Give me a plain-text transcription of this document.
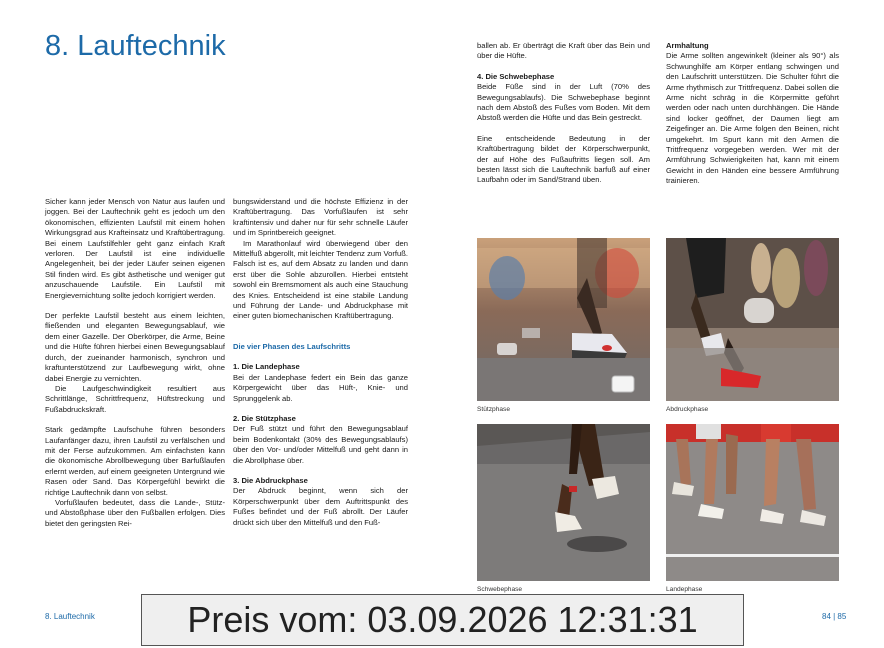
8. Lauftechnik

Sicher kann jeder Mensch von Natur aus laufen und joggen. Bei der Lauftechnik geht es jedoch um den ökonomischen, effizienten Laufstil mit einem hohen Wirkungsgrad aus Krafteinsatz und Kraftübertragung. Bei einem Laufstilfehler geht ganz einfach Kraft verloren. Der Laufstil ist eine individuelle Angelegenheit, bei der jeder Läufer seinen eigenen Stil finden wird. Es gibt ästhetische und weniger gut anzuschauende Laufstile. Ein Laufstil mit Energievernichtung sollte jedoch korrigiert werden.

Der perfekte Laufstil besteht aus einem leichten, fließenden und eleganten Bewegungsablauf, wie dem einer Gazelle. Der Oberkörper, die Arme, Beine und die Hüfte führen hierbei einen Bewegungsablauf durch, der zueinander harmonisch, synchron und kraftunterstützend zur Laufbewegung wirkt, ohne dabei Energie zu vernichten.

Die Laufgeschwindigkeit resultiert aus Schrittlänge, Schrittfrequenz, Hüftstreckung und Fußabdruckskraft.

Stark gedämpfte Laufschuhe führen besonders Laufanfänger dazu, ihren Laufstil zu verfälschen und mit der Ferse aufzukommen. Am einfachsten kann die ökonomische Abrollbewegung über Barfußlaufen erlernt werden, auf einem geeigneten Untergrund wie Rasen oder Sand. Das Körpergefühl bewirkt die richtige Lauftechnik dann von selbst.

Vorfußlaufen bedeutet, dass die Lande-, Stütz- und Abstoßphase über den Fußballen erfolgen. Dies bietet den geringsten Rei-

bungswiderstand und die höchste Effizienz in der Kraftübertragung. Das Vorfußlaufen ist sehr kraftintensiv und daher nur für sehr schnelle Läufer und im Sprintbereich geeignet.

Im Marathonlauf wird überwiegend über den Mittelfuß abgerollt, mit leichter Tendenz zum Vorfuß. Falsch ist es, auf dem Absatz zu landen und dann erst über die Sohle abzurollen. Hierbei entsteht sowohl ein Bremsmoment als auch eine Stauchung des Knies. Entscheidend ist eine stabile Landung und Führung der Lande- und Abdruckphase mit einer guten biomechanischen Kraftübertragung.

Die vier Phasen des Laufschritts
1. Die Landephase

Bei der Landephase federt ein Bein das ganze Körpergewicht über das Hüft-, Knie- und Sprunggelenk ab.

2. Die Stützphase

Der Fuß stützt und führt den Bewegungsablauf beim Bodenkontakt (30% des Bewegungsablaufs) über den Vor- und/oder Mittelfuß und geht dann in die Abrollphase über.

3. Die Abdruckphase

Der Abdruck beginnt, wenn sich der Körperschwerpunkt über dem Auftrittspunkt des Fußes befindet und der Fuß abrollt. Der Läufer drückt sich über den Mittelfuß und den Fuß-

ballen ab. Er überträgt die Kraft über das Bein und über die Hüfte.

4. Die Schwebephase

Beide Füße sind in der Luft (70% des Bewegungsablaufs). Die Schwebephase beginnt nach dem Abstoß des Fußes vom Boden. Mit dem Abstoß werden die Hüfte und das Bein gestreckt.

Eine entscheidende Bedeutung in der Kraftübertragung bildet der Körperschwerpunkt, der auf Höhe des Fußauftritts liegen soll. Am besten lässt sich die Lauftechnik barfuß auf einer Laufbahn oder im Sand/Strand üben.

Armhaltung

Die Arme sollten angewinkelt (kleiner als 90°) als Schwunghilfe am Körper entlang schwingen und den Laufschritt unterstützen. Die Schulter führt die Arme rhythmisch zur Trittfrequenz. Dabei sollen die Arme nicht schräg in die Körpermitte geführt werden oder nach unten durchhängen. Die Hände sind locker geöffnet, der Daumen liegt am Zeigefinger an. Die Arme folgen den Beinen, nicht umgekehrt. Im Spurt kann mit den Armen die Trittfrequenz vorgegeben werden. Wer mit der Armführung Schwierigkeiten hat, kann mit einem Gewicht in den Händen eine bessere Armführung trainieren.

Stützphase	Abdruckphase
Schwebephase	Landephase
8. Lauftechnik	84 | 85
Preis vom: 03.09.2026 12:31:31
